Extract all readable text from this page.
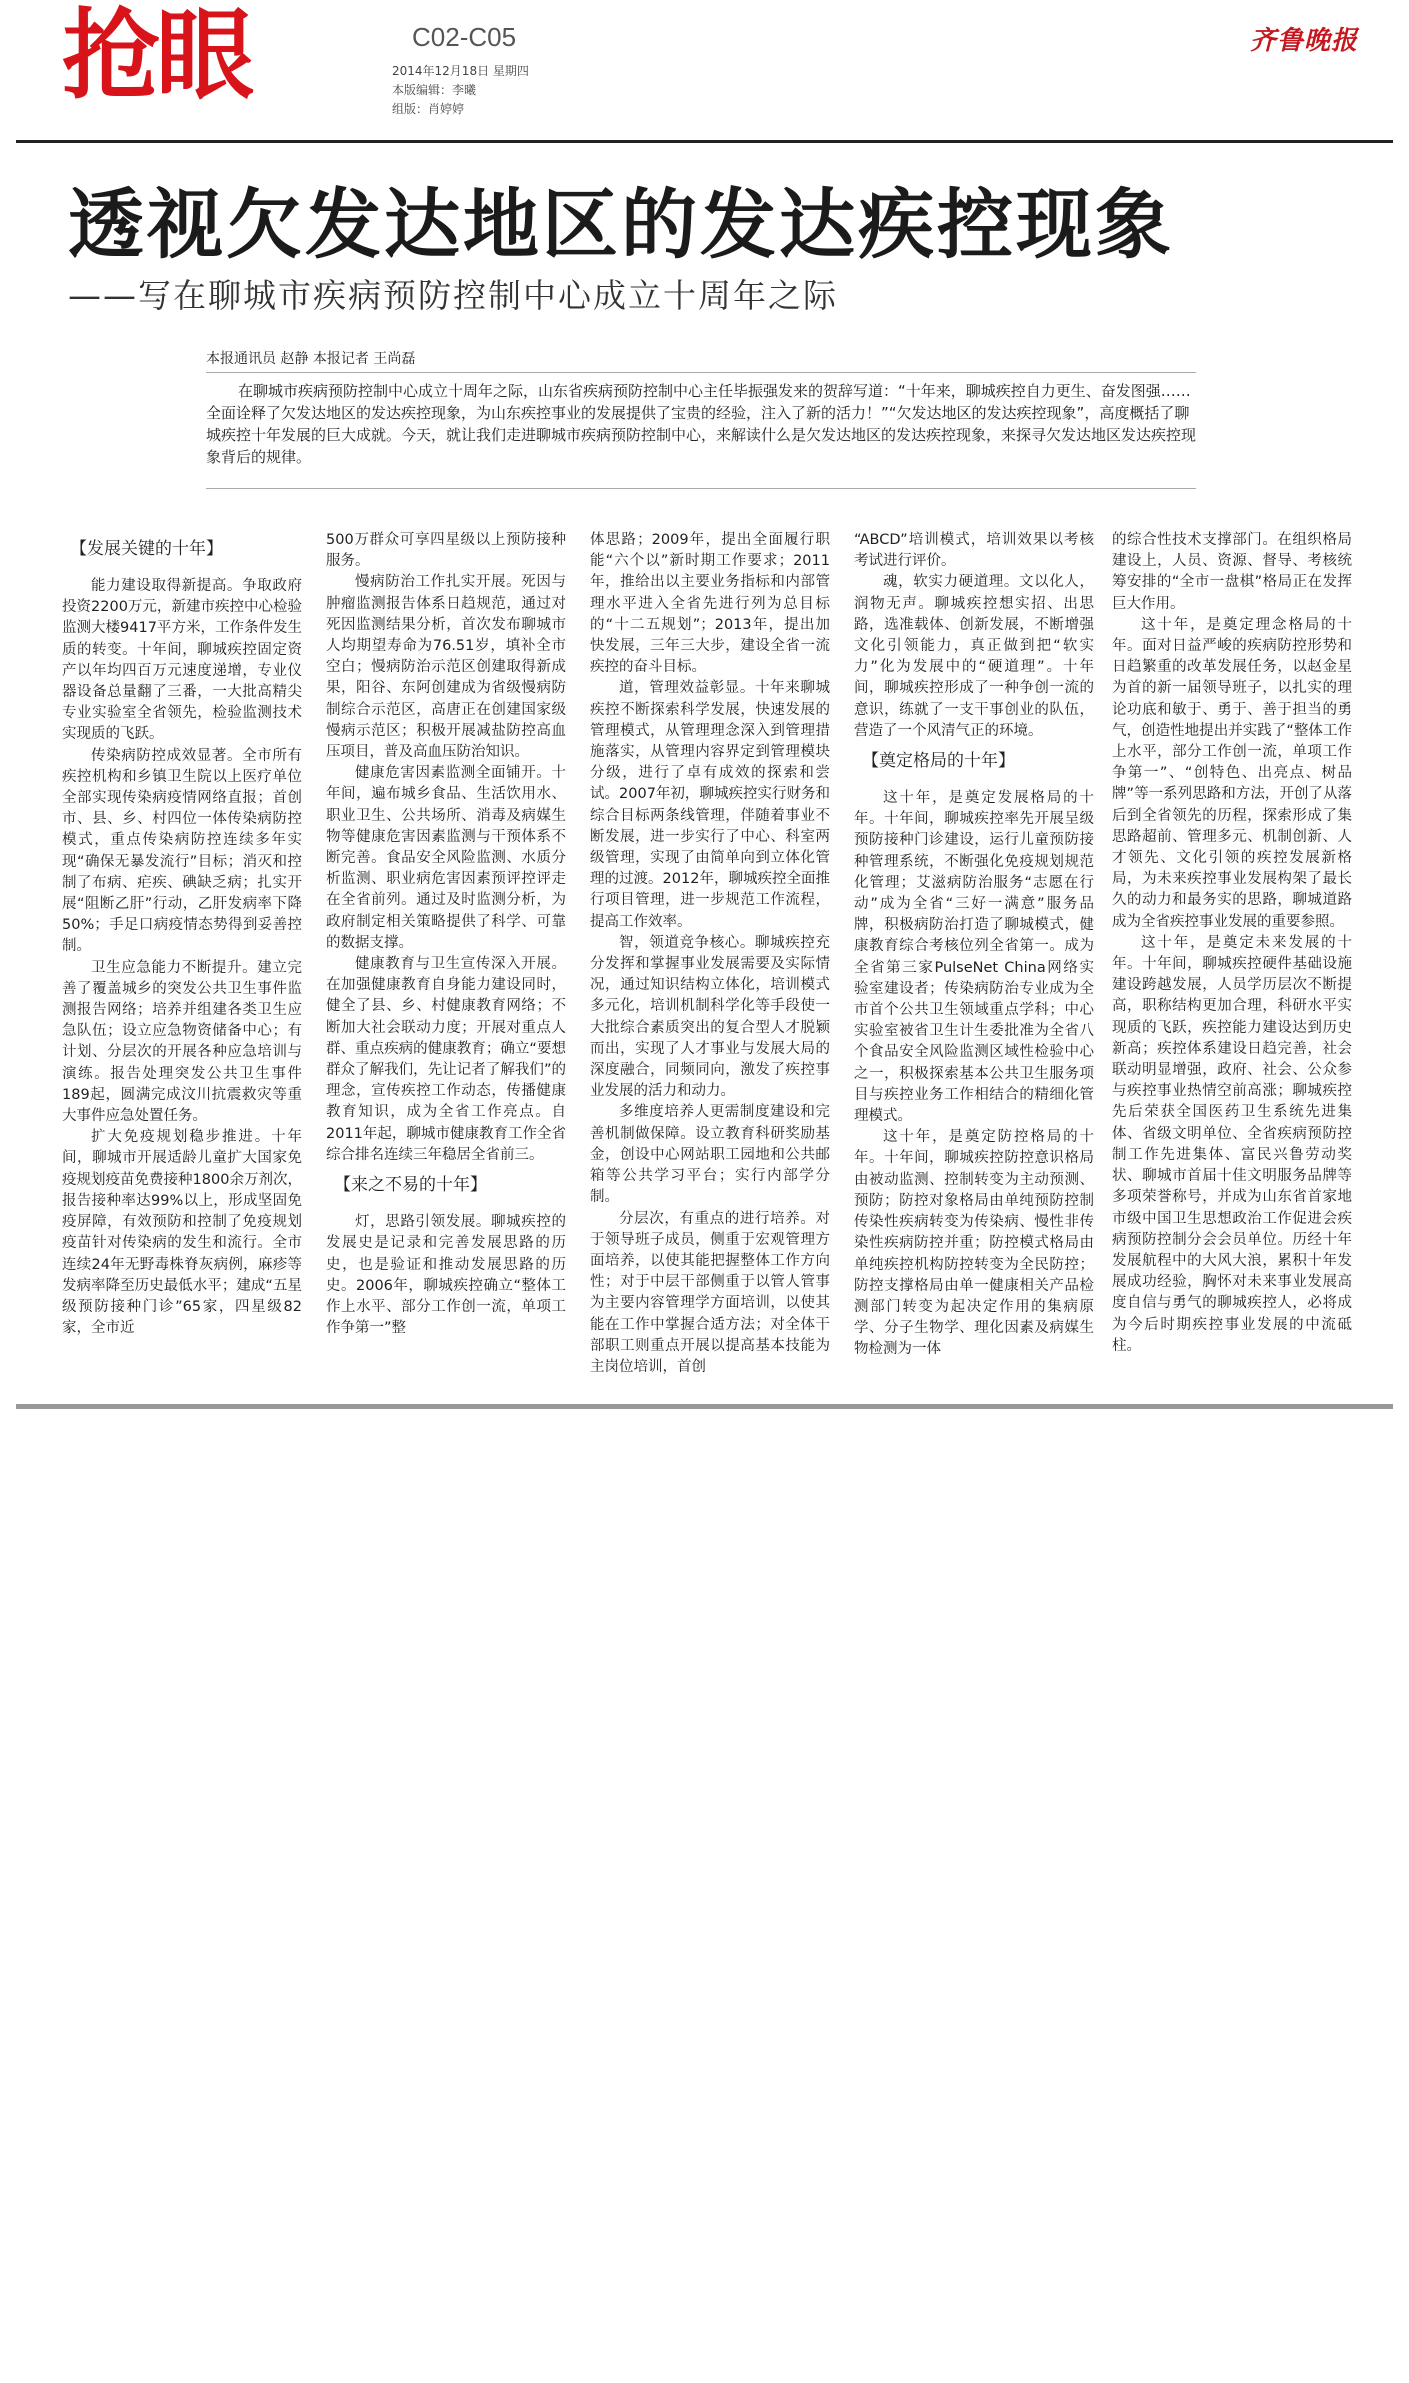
抢眼	C02-C05
2014年12月18日 星期四
本版编辑：李曦
组版：肖婷婷
齐鲁晚报
透视欠发达地区的发达疾控现象
——写在聊城市疾病预防控制中心成立十周年之际
本报通讯员 赵静 本报记者 王尚磊

在聊城市疾病预防控制中心成立十周年之际，山东省疾病预防控制中心主任毕振强发来的贺辞写道：“十年来，聊城疾控自力更生、奋发图强……全面诠释了欠发达地区的发达疾控现象，为山东疾控事业的发展提供了宝贵的经验，注入了新的活力！”“欠发达地区的发达疾控现象”，高度概括了聊城疾控十年发展的巨大成就。今天，就让我们走进聊城市疾病预防控制中心，来解读什么是欠发达地区的发达疾控现象，来探寻欠发达地区发达疾控现象背后的规律。

【发展关键的十年】

能力建设取得新提高。争取政府投资2200万元，新建市疾控中心检验监测大楼9417平方米，工作条件发生质的转变。十年间，聊城疾控固定资产以年均四百万元速度递增，专业仪器设备总量翻了三番，一大批高精尖专业实验室全省领先，检验监测技术实现质的飞跃。

传染病防控成效显著。全市所有疾控机构和乡镇卫生院以上医疗单位全部实现传染病疫情网络直报；首创市、县、乡、村四位一体传染病防控模式，重点传染病防控连续多年实现“确保无暴发流行”目标；消灭和控制了布病、疟疾、碘缺乏病；扎实开展“阻断乙肝”行动，乙肝发病率下降50%；手足口病疫情态势得到妥善控制。

卫生应急能力不断提升。建立完善了覆盖城乡的突发公共卫生事件监测报告网络；培养并组建各类卫生应急队伍；设立应急物资储备中心；有计划、分层次的开展各种应急培训与演练。报告处理突发公共卫生事件189起，圆满完成汶川抗震救灾等重大事件应急处置任务。

扩大免疫规划稳步推进。十年间，聊城市开展适龄儿童扩大国家免疫规划疫苗免费接种1800余万剂次，报告接种率达99%以上，形成坚固免疫屏障，有效预防和控制了免疫规划疫苗针对传染病的发生和流行。全市连续24年无野毒株脊灰病例，麻疹等发病率降至历史最低水平；建成“五星级预防接种门诊”65家，四星级82家，全市近

500万群众可享四星级以上预防接种服务。

慢病防治工作扎实开展。死因与肿瘤监测报告体系日趋规范，通过对死因监测结果分析，首次发布聊城市人均期望寿命为76.51岁，填补全市空白；慢病防治示范区创建取得新成果，阳谷、东阿创建成为省级慢病防制综合示范区，高唐正在创建国家级慢病示范区；积极开展减盐防控高血压项目，普及高血压防治知识。

健康危害因素监测全面铺开。十年间，遍布城乡食品、生活饮用水、职业卫生、公共场所、消毒及病媒生物等健康危害因素监测与干预体系不断完善。食品安全风险监测、水质分析监测、职业病危害因素预评控评走在全省前列。通过及时监测分析，为政府制定相关策略提供了科学、可靠的数据支撑。

健康教育与卫生宣传深入开展。在加强健康教育自身能力建设同时，健全了县、乡、村健康教育网络；不断加大社会联动力度；开展对重点人群、重点疾病的健康教育；确立“要想群众了解我们，先让记者了解我们”的理念，宣传疾控工作动态，传播健康教育知识，成为全省工作亮点。自2011年起，聊城市健康教育工作全省综合排名连续三年稳居全省前三。

【来之不易的十年】

灯，思路引领发展。聊城疾控的发展史是记录和完善发展思路的历史，也是验证和推动发展思路的历史。2006年，聊城疾控确立“整体工作上水平、部分工作创一流，单项工作争第一”整

体思路；2009年，提出全面履行职能“六个以”新时期工作要求；2011年，推给出以主要业务指标和内部管理水平进入全省先进行列为总目标的“十二五规划”；2013年，提出加快发展，三年三大步，建设全省一流疾控的奋斗目标。

道，管理效益彰显。十年来聊城疾控不断探索科学发展，快速发展的管理模式，从管理理念深入到管理措施落实，从管理内容界定到管理模块分级，进行了卓有成效的探索和尝试。2007年初，聊城疾控实行财务和综合目标两条线管理，伴随着事业不断发展，进一步实行了中心、科室两级管理，实现了由简单向到立体化管理的过渡。2012年，聊城疾控全面推行项目管理，进一步规范工作流程，提高工作效率。

智，领道竞争核心。聊城疾控充分发挥和掌握事业发展需要及实际情况，通过知识结构立体化，培训模式多元化，培训机制科学化等手段使一大批综合素质突出的复合型人才脱颖而出，实现了人才事业与发展大局的深度融合，同频同向，激发了疾控事业发展的活力和动力。

多维度培养人更需制度建设和完善机制做保障。设立教育科研奖励基金，创设中心网站职工园地和公共邮箱等公共学习平台；实行内部学分制。

分层次，有重点的进行培养。对于领导班子成员，侧重于宏观管理方面培养，以使其能把握整体工作方向性；对于中层干部侧重于以管人管事为主要内容管理学方面培训，以使其能在工作中掌握合适方法；对全体干部职工则重点开展以提高基本技能为主岗位培训，首创

“ABCD”培训模式，培训效果以考核考试进行评价。

魂，软实力硬道理。文以化人，润物无声。聊城疾控想实招、出思路，选准载体、创新发展，不断增强文化引领能力，真正做到把“软实力”化为发展中的“硬道理”。十年间，聊城疾控形成了一种争创一流的意识，练就了一支干事创业的队伍，营造了一个风清气正的环境。

【奠定格局的十年】

这十年，是奠定发展格局的十年。十年间，聊城疾控率先开展呈级预防接种门诊建设，运行儿童预防接种管理系统，不断强化免疫规划规范化管理；艾滋病防治服务“志愿在行动”成为全省“三好一满意”服务品牌，积极病防治打造了聊城模式，健康教育综合考核位列全省第一。成为全省第三家PulseNet China网络实验室建设者；传染病防治专业成为全市首个公共卫生领域重点学科；中心实验室被省卫生计生委批准为全省八个食品安全风险监测区域性检验中心之一，积极探索基本公共卫生服务项目与疾控业务工作相结合的精细化管理模式。

这十年，是奠定防控格局的十年。十年间，聊城疾控防控意识格局由被动监测、控制转变为主动预测、预防；防控对象格局由单纯预防控制传染性疾病转变为传染病、慢性非传染性疾病防控并重；防控模式格局由单纯疾控机构防控转变为全民防控；防控支撑格局由单一健康相关产品检测部门转变为起决定作用的集病原学、分子生物学、理化因素及病媒生物检测为一体

的综合性技术支撑部门。在组织格局建设上，人员、资源、督导、考核统筹安排的“全市一盘棋”格局正在发挥巨大作用。

这十年，是奠定理念格局的十年。面对日益严峻的疾病防控形势和日趋繁重的改革发展任务，以赵金星为首的新一届领导班子，以扎实的理论功底和敏于、勇于、善于担当的勇气，创造性地提出并实践了“整体工作上水平，部分工作创一流，单项工作争第一”、“创特色、出亮点、树品牌”等一系列思路和方法，开创了从落后到全省领先的历程，探索形成了集思路超前、管理多元、机制创新、人才领先、文化引领的疾控发展新格局，为未来疾控事业发展构架了最长久的动力和最务实的思路，聊城道路成为全省疾控事业发展的重要参照。

这十年，是奠定未来发展的十年。十年间，聊城疾控硬件基础设施建设跨越发展，人员学历层次不断提高，职称结构更加合理，科研水平实现质的飞跃，疾控能力建设达到历史新高；疾控体系建设日趋完善，社会联动明显增强，政府、社会、公众参与疾控事业热情空前高涨；聊城疾控先后荣获全国医药卫生系统先进集体、省级文明单位、全省疾病预防控制工作先进集体、富民兴鲁劳动奖状、聊城市首届十佳文明服务品牌等多项荣誉称号，并成为山东省首家地市级中国卫生思想政治工作促进会疾病预防控制分会会员单位。历经十年发展航程中的大风大浪，累积十年发展成功经验，胸怀对未来事业发展高度自信与勇气的聊城疾控人，必将成为今后时期疾控事业发展的中流砥柱。
